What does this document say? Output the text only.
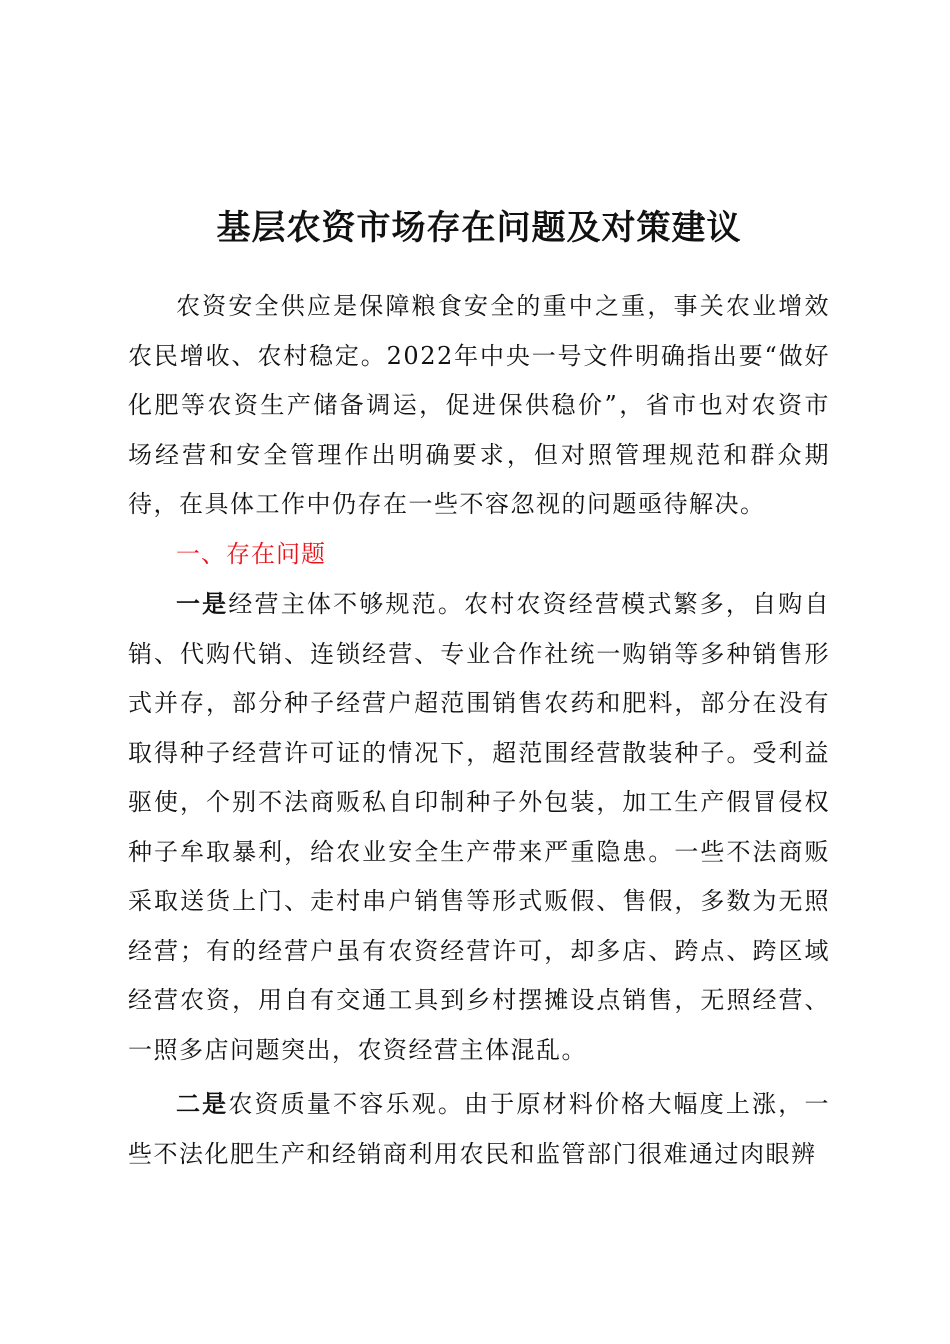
基层农资市场存在问题及对策建议

农资安全供应是保障粮食安全的重中之重，事关农业增效农民增收、农村稳定。2022年中央一号文件明确指出要“做好化肥等农资生产储备调运，促进保供稳价”，省市也对农资市场经营和安全管理作出明确要求，但对照管理规范和群众期待，在具体工作中仍存在一些不容忽视的问题亟待解决。

一、存在问题

一是经营主体不够规范。农村农资经营模式繁多，自购自销、代购代销、连锁经营、专业合作社统一购销等多种销售形式并存，部分种子经营户超范围销售农药和肥料，部分在没有取得种子经营许可证的情况下，超范围经营散装种子。受利益驱使，个别不法商贩私自印制种子外包装，加工生产假冒侵权种子牟取暴利，给农业安全生产带来严重隐患。一些不法商贩采取送货上门、走村串户销售等形式贩假、售假，多数为无照经营；有的经营户虽有农资经营许可，却多店、跨点、跨区域经营农资，用自有交通工具到乡村摆摊设点销售，无照经营、一照多店问题突出，农资经营主体混乱。

二是农资质量不容乐观。由于原材料价格大幅度上涨，一些不法化肥生产和经销商利用农民和监管部门很难通过肉眼辨
